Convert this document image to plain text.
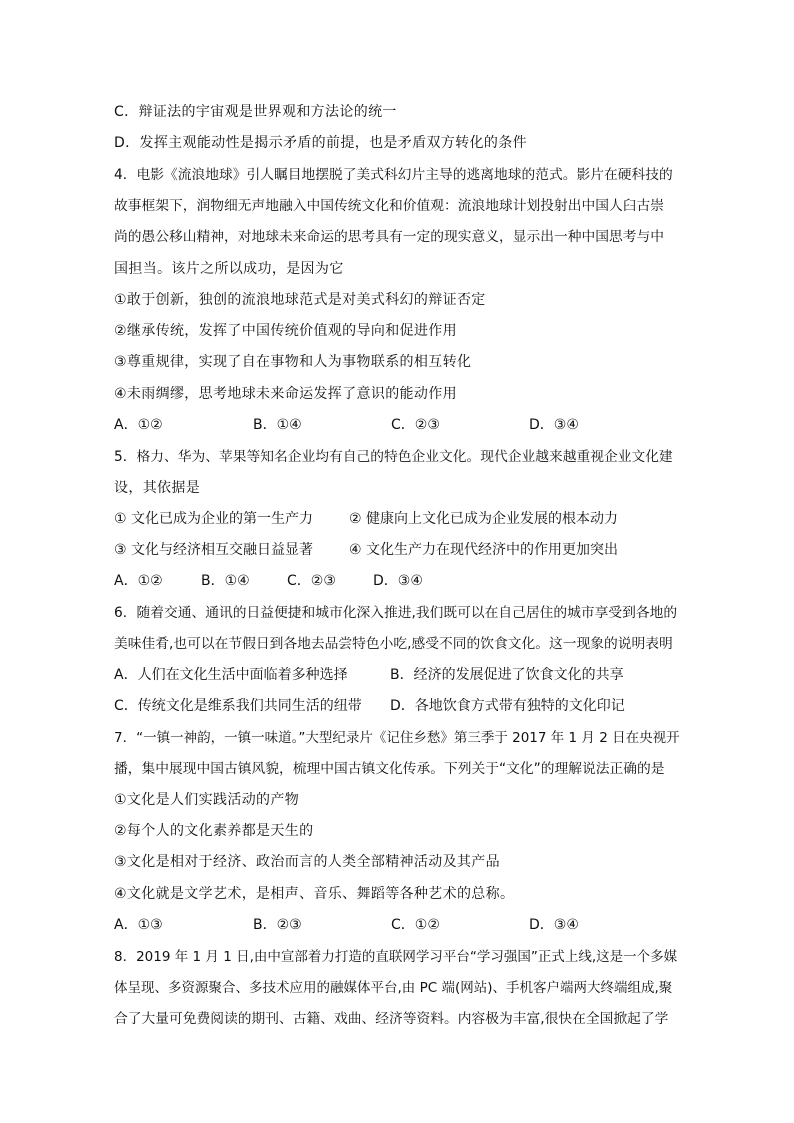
C．辩证法的宇宙观是世界观和方法论的统一
D．发挥主观能动性是揭示矛盾的前提，也是矛盾双方转化的条件
4．电影《流浪地球》引人瞩目地摆脱了美式科幻片主导的逃离地球的范式。影片在硬科技的
故事框架下，润物细无声地融入中国传统文化和价值观：流浪地球计划投射出中国人臼古崇
尚的愚公移山精神，对地球未来命运的思考具有一定的现实意义，显示出一种中国思考与中
国担当。该片之所以成功，是因为它
①敢于创新，独创的流浪地球范式是对美式科幻的辩证否定
②继承传统，发挥了中国传统价值观的导向和促进作用
③尊重规律，实现了自在事物和人为事物联系的相互转化
④未雨绸缪，思考地球未来命运发挥了意识的能动作用
A．①②	B．①④	C．②③	D．③④
5．格力、华为、苹果等知名企业均有自己的特色企业文化。现代企业越来越重视企业文化建
设，其依据是
① 文化已成为企业的第一生产力	② 健康向上文化已成为企业发展的根本动力
③ 文化与经济相互交融日益显著	④ 文化生产力在现代经济中的作用更加突出
A．①②	B．①④	C．②③	D．③④
6．随着交通、通讯的日益便捷和城市化深入推进,我们既可以在自己居住的城市享受到各地的
美味佳肴,也可以在节假日到各地去品尝特色小吃,感受不同的饮食文化。这一现象的说明表明
A．人们在文化生活中面临着多种选择	B．经济的发展促进了饮食文化的共享
C．传统文化是维系我们共同生活的纽带 D．各地饮食方式带有独特的文化印记
7．“一镇一神韵，一镇一味道。”大型纪录片《记住乡愁》第三季于 2017 年 1 月 2 日在央视开
播，集中展现中国古镇风貌，梳理中国古镇文化传承。下列关于“文化”的理解说法正确的是
①文化是人们实践活动的产物
②每个人的文化素养都是天生的
③文化是相对于经济、政治而言的人类全部精神活动及其产品
④文化就是文学艺术，是相声、音乐、舞蹈等各种艺术的总称。
A．①③	B．②③	C．①②	D．③④
8．2019 年 1 月 1 日,由中宣部着力打造的直联网学习平台“学习强国”正式上线,这是一个多媒
体呈现、多资源聚合、多技术应用的融媒体平台,由 PC 端(网站)、手机客户端两大终端组成,聚
合了大量可免费阅读的期刊、古籍、戏曲、经济等资料。内容极为丰富,很快在全国掀起了学
